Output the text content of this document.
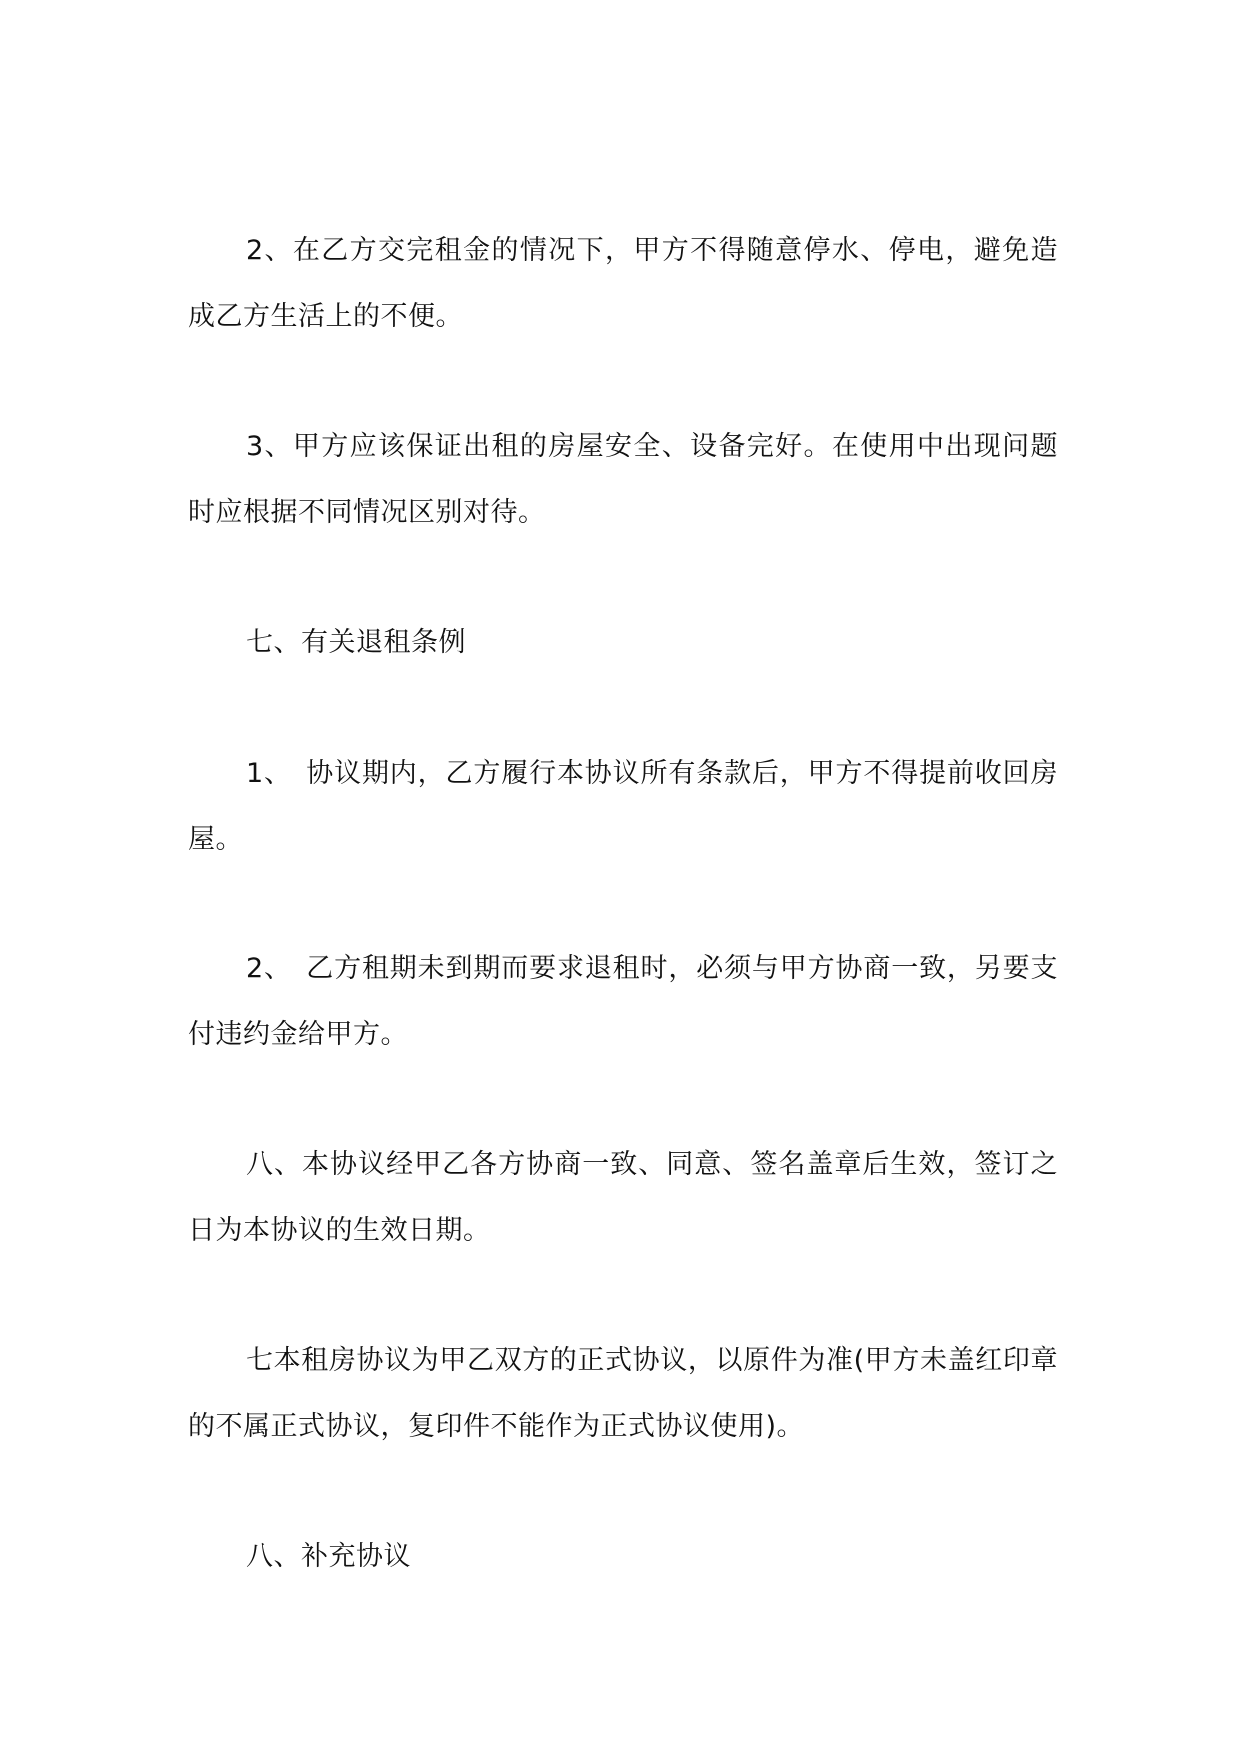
2、在乙方交完租金的情况下，甲方不得随意停水、停电，避免造成乙方生活上的不便。

3、甲方应该保证出租的房屋安全、设备完好。在使用中出现问题时应根据不同情况区别对待。

七、有关退租条例

1、　协议期内，乙方履行本协议所有条款后，甲方不得提前收回房屋。

2、　乙方租期未到期而要求退租时，必须与甲方协商一致，另要支付违约金给甲方。

八、本协议经甲乙各方协商一致、同意、签名盖章后生效，签订之日为本协议的生效日期。

七本租房协议为甲乙双方的正式协议，以原件为准(甲方未盖红印章的不属正式协议，复印件不能作为正式协议使用)。

八、补充协议
